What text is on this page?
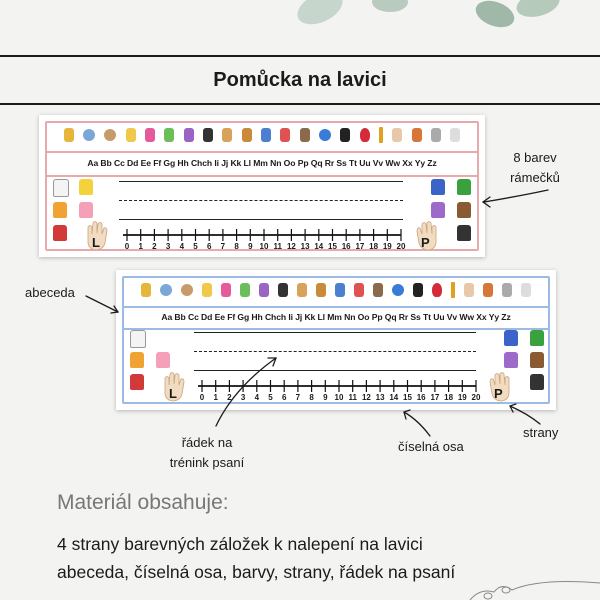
Pomůcka na lavici
Aa Bb Cc Dd Ee Ff Gg Hh Chch Ii Jj Kk Ll Mm Nn Oo Pp Qq Rr Ss Tt Uu Vv Ww Xx Yy Zz
L	P
0 1 2 3 4 5 6 7 8 9 10 11 12 13 14 15 16 17 18 19 20
Aa Bb Cc Dd Ee Ff Gg Hh Chch Ii Jj Kk Ll Mm Nn Oo Pp Qq Rr Ss Tt Uu Vv Ww Xx Yy Zz
L	P
0 1 2 3 4 5 6 7 8 9 10 11 12 13 14 15 16 17 18 19 20
8 barev
rámečků
abeceda
řádek na trénink psaní
číselná osa
strany
Materiál obsahuje:
4 strany barevných záložek k nalepení na lavici
abeceda, číselná osa, barvy, strany, řádek na psaní
